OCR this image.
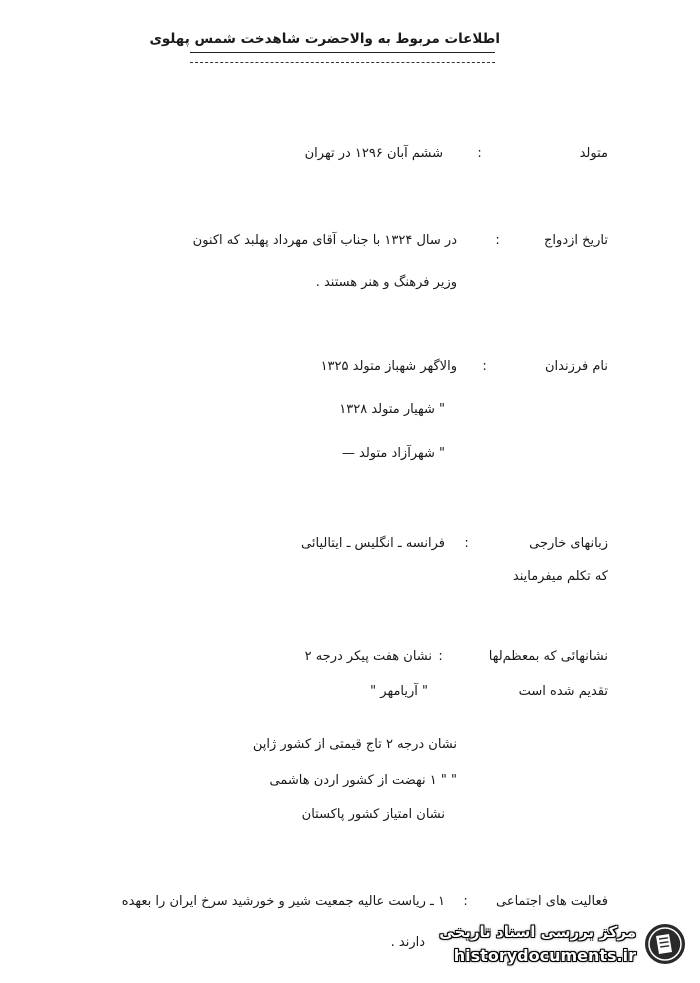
اطلاعات مربوط به والاحضرت شاهدخت شمس پهلوی
متولد
:
ششم آبان ۱۲۹۶ در تهران
تاریخ ازدواج
:
در سال ۱۳۲۴ با جناب آقای مهرداد پهلبد که اکنون
وزیر فرهنگ و هنر هستند .
نام فرزندان
:
والاگهر شهباز متولد ۱۳۲۵
" شهیار متولد ۱۳۲۸
" شهرآزاد متولد —
زبانهای خارجی
:
فرانسه ـ انگلیس ـ ایتالیائی
که تکلم میفرمایند
نشانهائی که بمعظم‌لها
:
نشان هفت پیکر درجه ۲
تقدیم شده است
" آریامهر "
نشان درجه ۲ تاج قیمتی از کشور ژاپن
" " ۱ نهضت از کشور اردن هاشمی
نشان امتیاز کشور پاکستان
فعالیت های اجتماعی
:
۱ ـ ریاست عالیه جمعیت شیر و خورشید سرخ ایران را بعهده
دارند .
مرکز بررسی اسناد تاریخی
historydocuments.ir
